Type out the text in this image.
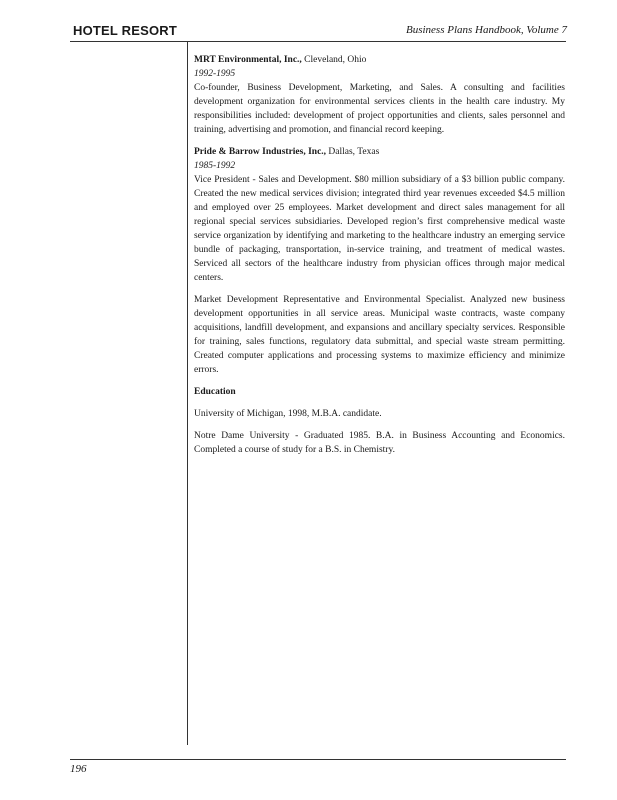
HOTEL RESORT	Business Plans Handbook, Volume 7
MRT Environmental, Inc., Cleveland, Ohio
1992-1995
Co-founder, Business Development, Marketing, and Sales. A consulting and facilities development organization for environmental services clients in the health care industry. My responsibilities included: development of project opportunities and clients, sales personnel and training, advertising and promotion, and financial record keeping.
Pride & Barrow Industries, Inc., Dallas, Texas
1985-1992
Vice President - Sales and Development. $80 million subsidiary of a $3 billion public company. Created the new medical services division; integrated third year revenues exceeded $4.5 million and employed over 25 employees. Market development and direct sales management for all regional special services subsidiaries. Developed region’s first comprehensive medical waste service organization by identifying and marketing to the healthcare industry an emerging service bundle of packaging, transportation, in-service training, and treatment of medical wastes. Serviced all sectors of the healthcare industry from physician offices through major medical centers.
Market Development Representative and Environmental Specialist. Analyzed new business development opportunities in all service areas. Municipal waste contracts, waste company acquisitions, landfill development, and expansions and ancillary specialty services. Responsible for training, sales functions, regulatory data submittal, and special waste stream permitting. Created computer applications and processing systems to maximize efficiency and minimize errors.
Education
University of Michigan, 1998, M.B.A. candidate.
Notre Dame University - Graduated 1985. B.A. in Business Accounting and Economics. Completed a course of study for a B.S. in Chemistry.
196
